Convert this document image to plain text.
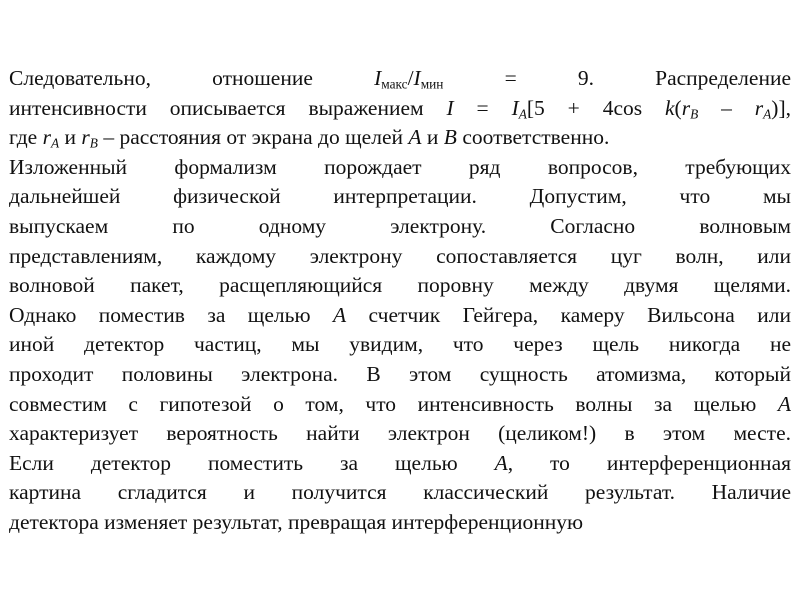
Следовательно, отношение $I_{макс}/I_{мин} = 9$. Распределение
интенсивности описывается выражением $I = I_A[5 + 4\cos$ $k(r_B - r_A)$],
где $r_A$ и $r_B$ – расстояния от экрана до щелей A и B соответственно.
Изложенный формализм порождает ряд вопросов, требующих
дальнейшей физической интерпретации. Допустим, что мы
выпускаем по одному электрону. Согласно волновым
представлениям, каждому электрону сопоставляется цуг волн, или
волновой пакет, расщепляющийся поровну между двумя щелями.
Однако поместив за щелью A счетчик Гейгера, камеру Вильсона или
иной детектор частиц, мы увидим, что через щель никогда не
проходит половины электрона. В этом сущность атомизма, который
совместим с гипотезой о том, что интенсивность волны за щелью A
характеризует вероятность найти электрон (целиком!) в этом месте.
Если детектор поместить за щелью A, то интерференционная
картина сгладится и получится классический результат. Наличие
детектора изменяет результат, превращая интерференционную
